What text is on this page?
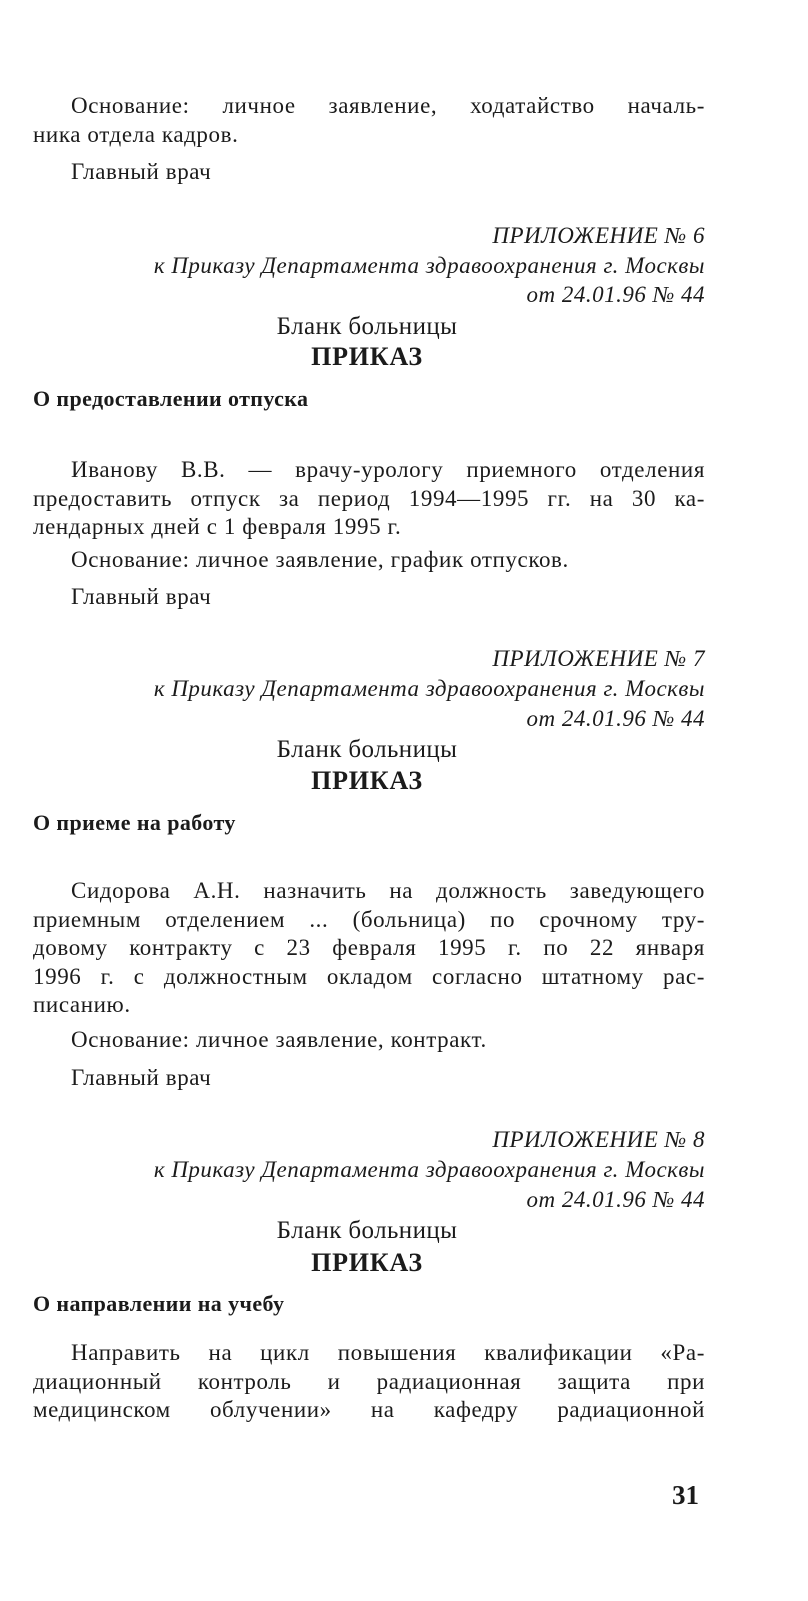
Основание: личное заявление, ходатайство началь-
ника отдела кадров.
Главный врач
ПРИЛОЖЕНИЕ № 6
к Приказу Департамента здравоохранения г. Москвы
от 24.01.96 № 44
Бланк больницы
ПРИКАЗ
О предоставлении отпуска
Иванову В.В. — врачу-урологу приемного отделения
предоставить отпуск за период 1994—1995 гг. на 30 ка-
лендарных дней с 1 февраля 1995 г.
Основание: личное заявление, график отпусков.
Главный врач
ПРИЛОЖЕНИЕ № 7
к Приказу Департамента здравоохранения г. Москвы
от 24.01.96 № 44
Бланк больницы
ПРИКАЗ
О приеме на работу
Сидорова А.Н. назначить на должность заведующего
приемным отделением ... (больница) по срочному тру-
довому контракту с 23 февраля 1995 г. по 22 января
1996 г. с должностным окладом согласно штатному рас-
писанию.
Основание: личное заявление, контракт.
Главный врач
ПРИЛОЖЕНИЕ № 8
к Приказу Департамента здравоохранения г. Москвы
от 24.01.96 № 44
Бланк больницы
ПРИКАЗ
О направлении на учебу
Направить на цикл повышения квалификации «Ра-
диационный контроль и радиационная защита при
медицинском облучении» на кафедру радиационной
31
